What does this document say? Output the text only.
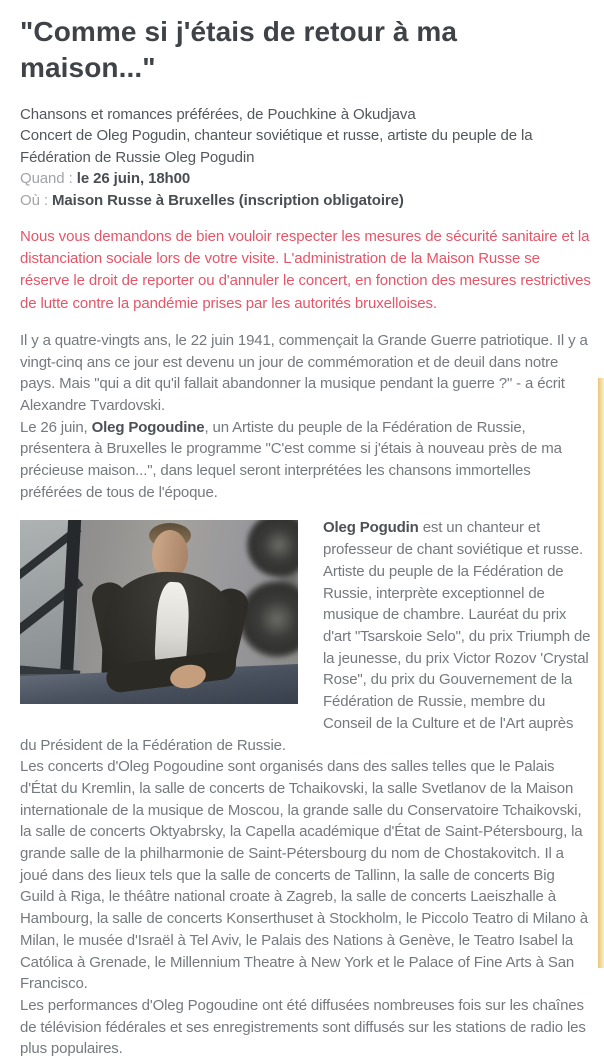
"Comme si j'étais de retour à ma maison..."
Chansons et romances préférées, de Pouchkine à Okudjava
Concert de Oleg Pogudin, chanteur soviétique et russe, artiste du peuple de la Fédération de Russie Oleg Pogudin
Quand : le 26 juin, 18h00
Où : Maison Russe à Bruxelles (inscription obligatoire)

Nous vous demandons de bien vouloir respecter les mesures de sécurité sanitaire et la distanciation sociale lors de votre visite. L'administration de la Maison Russe se réserve le droit de reporter ou d'annuler le concert, en fonction des mesures restrictives de lutte contre la pandémie prises par les autorités bruxelloises.

Il y a quatre-vingts ans, le 22 juin 1941, commençait la Grande Guerre patriotique. Il y a vingt-cinq ans ce jour est devenu un jour de commémoration et de deuil dans notre pays. Mais "qui a dit qu'il fallait abandonner la musique pendant la guerre ?" - a écrit Alexandre Tvardovski.

Le 26 juin, Oleg Pogoudine, un Artiste du peuple de la Fédération de Russie, présentera à Bruxelles le programme "C'est comme si j'étais à nouveau près de ma précieuse maison...", dans lequel seront interprétées les chansons immortelles préférées de tous de l'époque.

Oleg Pogudin est un chanteur et professeur de chant soviétique et russe. Artiste du peuple de la Fédération de Russie, interprète exceptionnel de musique de chambre. Lauréat du prix d'art "Tsarskoie Selo", du prix Triumph de la jeunesse, du prix Victor Rozov 'Crystal Rose", du prix du Gouvernement de la Fédération de Russie, membre du Conseil de la Culture et de l'Art auprès du Président de la Fédération de Russie.

Les concerts d'Oleg Pogoudine sont organisés dans des salles telles que le Palais d'État du Kremlin, la salle de concerts de Tchaikovski, la salle Svetlanov de la Maison internationale de la musique de Moscou, la grande salle du Conservatoire Tchaikovski, la salle de concerts Oktyabrsky, la Capella académique d'État de Saint-Pétersbourg, la grande salle de la philharmonie de Saint-Pétersbourg du nom de Chostakovitch. Il a joué dans des lieux tels que la salle de concerts de Tallinn, la salle de concerts Big Guild à Riga, le théâtre national croate à Zagreb, la salle de concerts Laeiszhalle à Hambourg, la salle de concerts Konserthuset à Stockholm, le Piccolo Teatro di Milano à Milan, le musée d'Israël à Tel Aviv, le Palais des Nations à Genève, le Teatro Isabel la Católica à Grenade, le Millennium Theatre à New York et le Palace of Fine Arts à San Francisco.

Les performances d'Oleg Pogoudine ont été diffusées nombreuses fois sur les chaînes de télévision fédérales et ses enregistrements sont diffusés sur les stations de radio les plus populaires.
